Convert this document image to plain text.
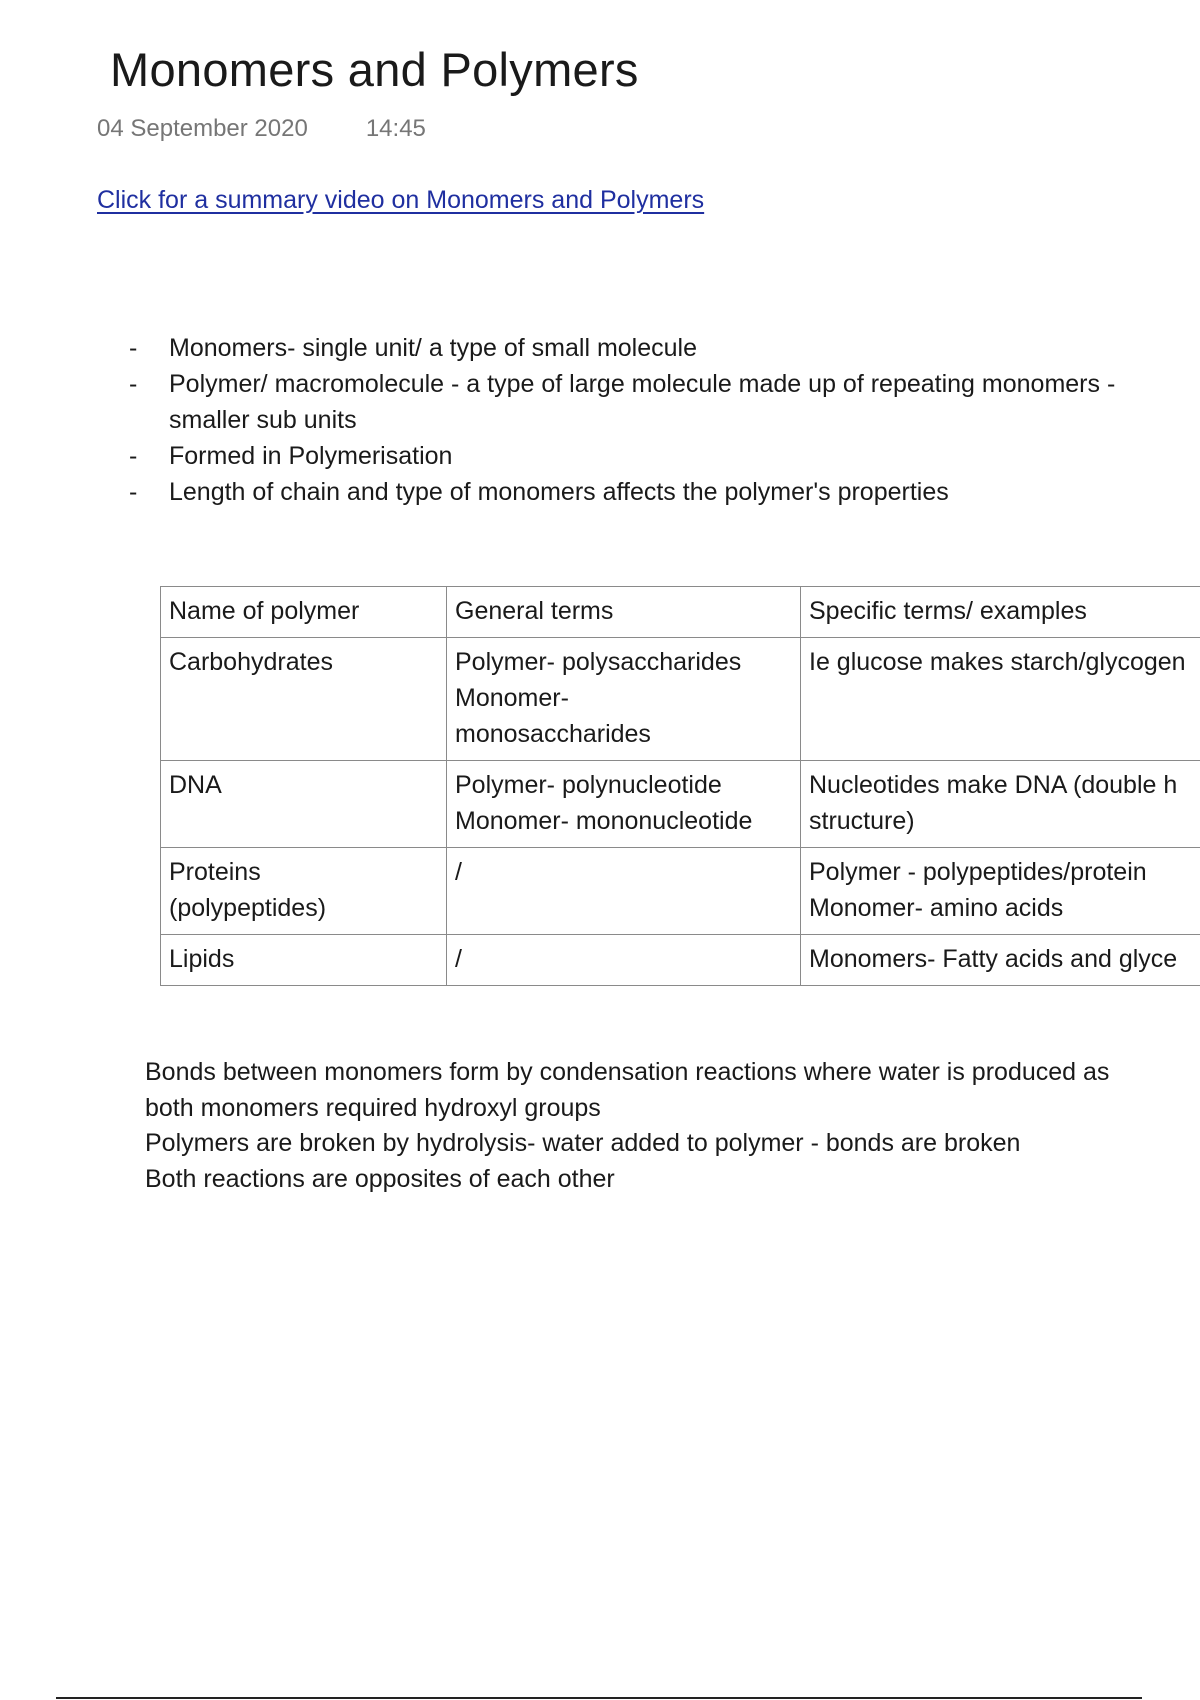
Monomers and Polymers
04 September 2020 14:45
Click for a summary video on Monomers and Polymers
- Monomers- single unit/ a type of small molecule
- Polymer/ macromolecule - a type of large molecule made up of repeating monomers -
smaller sub units
- Formed in Polymerisation
- Length of chain and type of monomers affects the polymer's properties
Name of polymer	General terms	Specific terms/ examples

Carbohydrates	Polymer- polysaccharides
Monomer-
monosaccharides	Ie glucose makes starch/glycogen

DNA	Polymer- polynucleotide
Monomer- mononucleotide	Nucleotides make DNA (double h
structure)

Proteins
(polypeptides)	/	Polymer - polypeptides/protein
Monomer- amino acids

Lipids	/	Monomers- Fatty acids and glyce
Bonds between monomers form by condensation reactions where water is produced as
both monomers required hydroxyl groups
Polymers are broken by hydrolysis- water added to polymer - bonds are broken
Both reactions are opposites of each other
